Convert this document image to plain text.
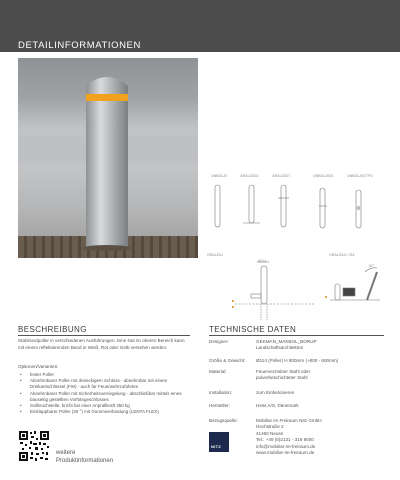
DETAILINFORMATIONEN
ONBOL20	GRAL20OD	GRAL20OT	ONBOL20D1	ONBOL20OTFS
GRAL20U	GRAL20UC.754
Ø114
80°
BESCHREIBUNG
Stahlrundpoller in verschiedenen Ausführungen. Eine Nut im oberen Bereich kann mit einem reflektierenden Band in Weiß, Rot oder Gelb versehen werden.
Optionen/Varianten:
• fester Poller
• Abnehmbarer Poller mit dreieckigem Schloss - abnehmbar mit einem Dreikantschlüssel (FW) - auch für Feuerwehrzufahrten
• Abnehmbarer Poller mit Sicherheitsverriegelung - abschließbar mittels eines bauseitig gestellten Vorhängeschlosses
• Sollbruchstelle: bricht bei einer Anprallkraft 350 kg
• Einklappbarer Poller (30 °) mit Gummiverbindung (LENTA FLEX)
weitere
Produktinformationen
TECHNISCHE DATEN
Designer:	GEKMAN_MAKBOL_BORUP
Landschaftsarchitekten
Größe & Gewicht: Ø114 (Poller) H 800mm (+800 - 600mm)
Material:	Feuerverzinkter Stahl oder
pulverbeschichteter Stahl
Installation:	zum Einbetonieren
Hersteller:	Hess A/S, Dänemark
Bezugsquelle:	Mobiliar im Freiraum Nitz GmbH
Hochstraße 2
41460 Neuss
Tel.: +49 (0)2131 - 316 9000
info@mobiliar-im-freiraum.de
www.mobiliar-im-freiraum.de
NITZ
